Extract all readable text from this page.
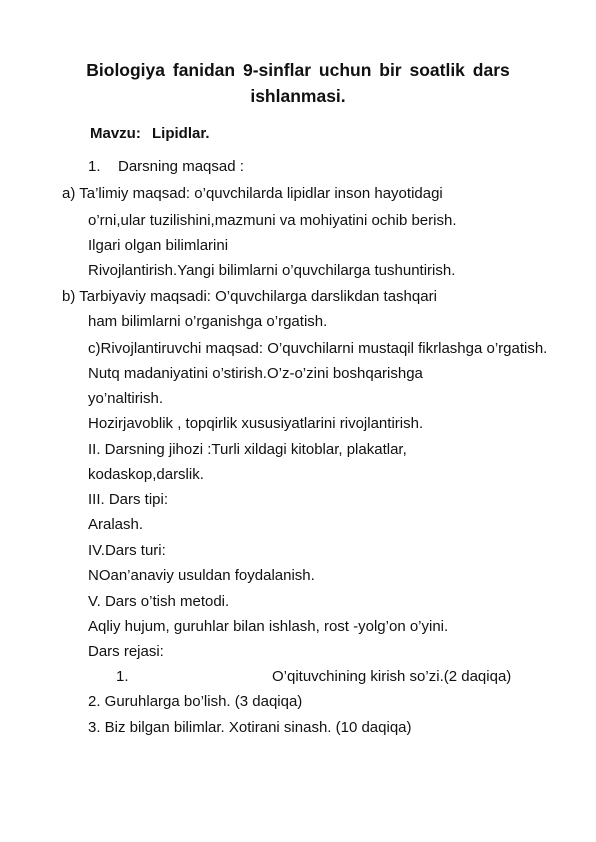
Biologiya fanidan 9-sinflar uchun bir soatlik dars
ishlanmasi.
Mavzu: Lipidlar.
1. Darsning maqsad :
a) Ta’limiy maqsad: o’quvchilarda lipidlar inson hayotidagi
o’rni,ular tuzilishini,mazmuni va mohiyatini ochib berish.
Ilgari olgan bilimlarini
Rivojlantirish.Yangi bilimlarni o’quvchilarga tushuntirish.
b) Tarbiyaviy maqsadi: O’quvchilarga darslikdan tashqari
ham bilimlarni o’rganishga o’rgatish.
c)Rivojlantiruvchi maqsad: O’quvchilarni mustaqil fikrlashga o’rgatish.
Nutq madaniyatini o’stirish.O’z-o’zini boshqarishga
yo’naltirish.
Hozirjavoblik , topqirlik xususiyatlarini rivojlantirish.
II. Darsning jihozi :Turli xildagi kitoblar, plakatlar,
kodaskop,darslik.
III. Dars tipi:
Aralash.
IV.Dars turi:
NOan’anaviy usuldan foydalanish.
V. Dars o’tish metodi.
Aqliy hujum, guruhlar bilan ishlash, rost -yolg’on o’yini.
Dars rejasi:
1.	O’qituvchining kirish so’zi.(2 daqiqa)
2. Guruhlarga bo’lish. (3 daqiqa)
3. Biz bilgan bilimlar. Xotirani sinash. (10 daqiqa)
